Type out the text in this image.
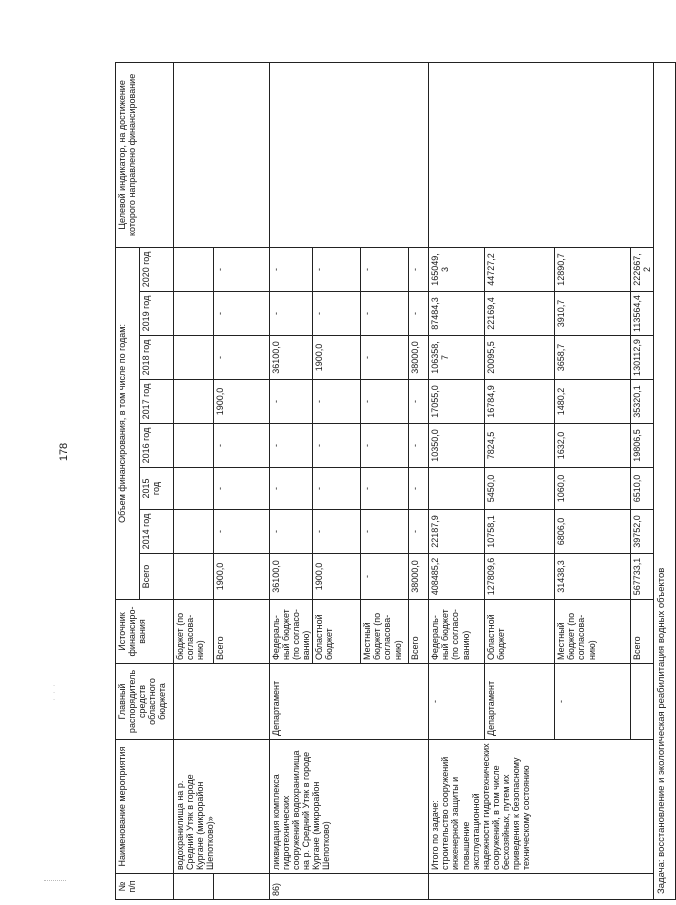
178
· · ·
№ п/п	Наименование мероприятия	Главный распорядитель средств областного бюджета	Источник финансиро-вания	Объем финансирования, в том числе по годам:								Целевой индикатор, на достижение которого направлено финансирование
				Всего	2014 год	2015 год	2016 год	2017 год	2018 год	2019 год	2020 год	
	водохранилища на р. Средний Утяк в городе Кургане (микрорайон Шепотково)»		бюджет (по согласова-нию)									
			Всего	1900,0	-	-	-	1900,0	-	-	-	
86)	ликвидация комплекса гидротехнических сооружений водохранилища на р. Средний Утяк в городе Кургане (микрорайон Шепотково)	Департамент	Федераль-ный бюджет (по согласо-ванию)	36100,0	-	-	-	-	36100,0	-	-	
			Областной бюджет	1900,0	-	-	-	-	1900,0	-	-	
			Местный бюджет (по согласова-нию)	-	-	-	-	-	-	-	-	
			Всего	38000,0	-	-	-	-	38000,0	-	-	
	Итого по задаче: строительство сооружений инженерной защиты и повышение эксплуатационной надежности гидротехнических сооружений, в том числе бесхозяйных, путем их приведения к безопасному техническому состоянию	-	Федераль-ный бюджет (по согласо-ванию)	408485,2	22187,9		10350,0	17055,0	106358,7	87484,3	165049,3	
		Департамент	Областной бюджет	127809,6	10758,1	5450,0	7824,5	16784,9	20095,5	22169,4	44727,2	
		-	Местный бюджет (по согласова-нию)	31438,3	6806,0	1060,0	1632,0	1480,2	3658,7	3910,7	12890,7	
			Всего	567733,1	39752,0	6510,0	19806,5	35320,1	130112,9	113564,4	222667,2	
Задача: восстановление и экологическая реабилитация водных объектов												
